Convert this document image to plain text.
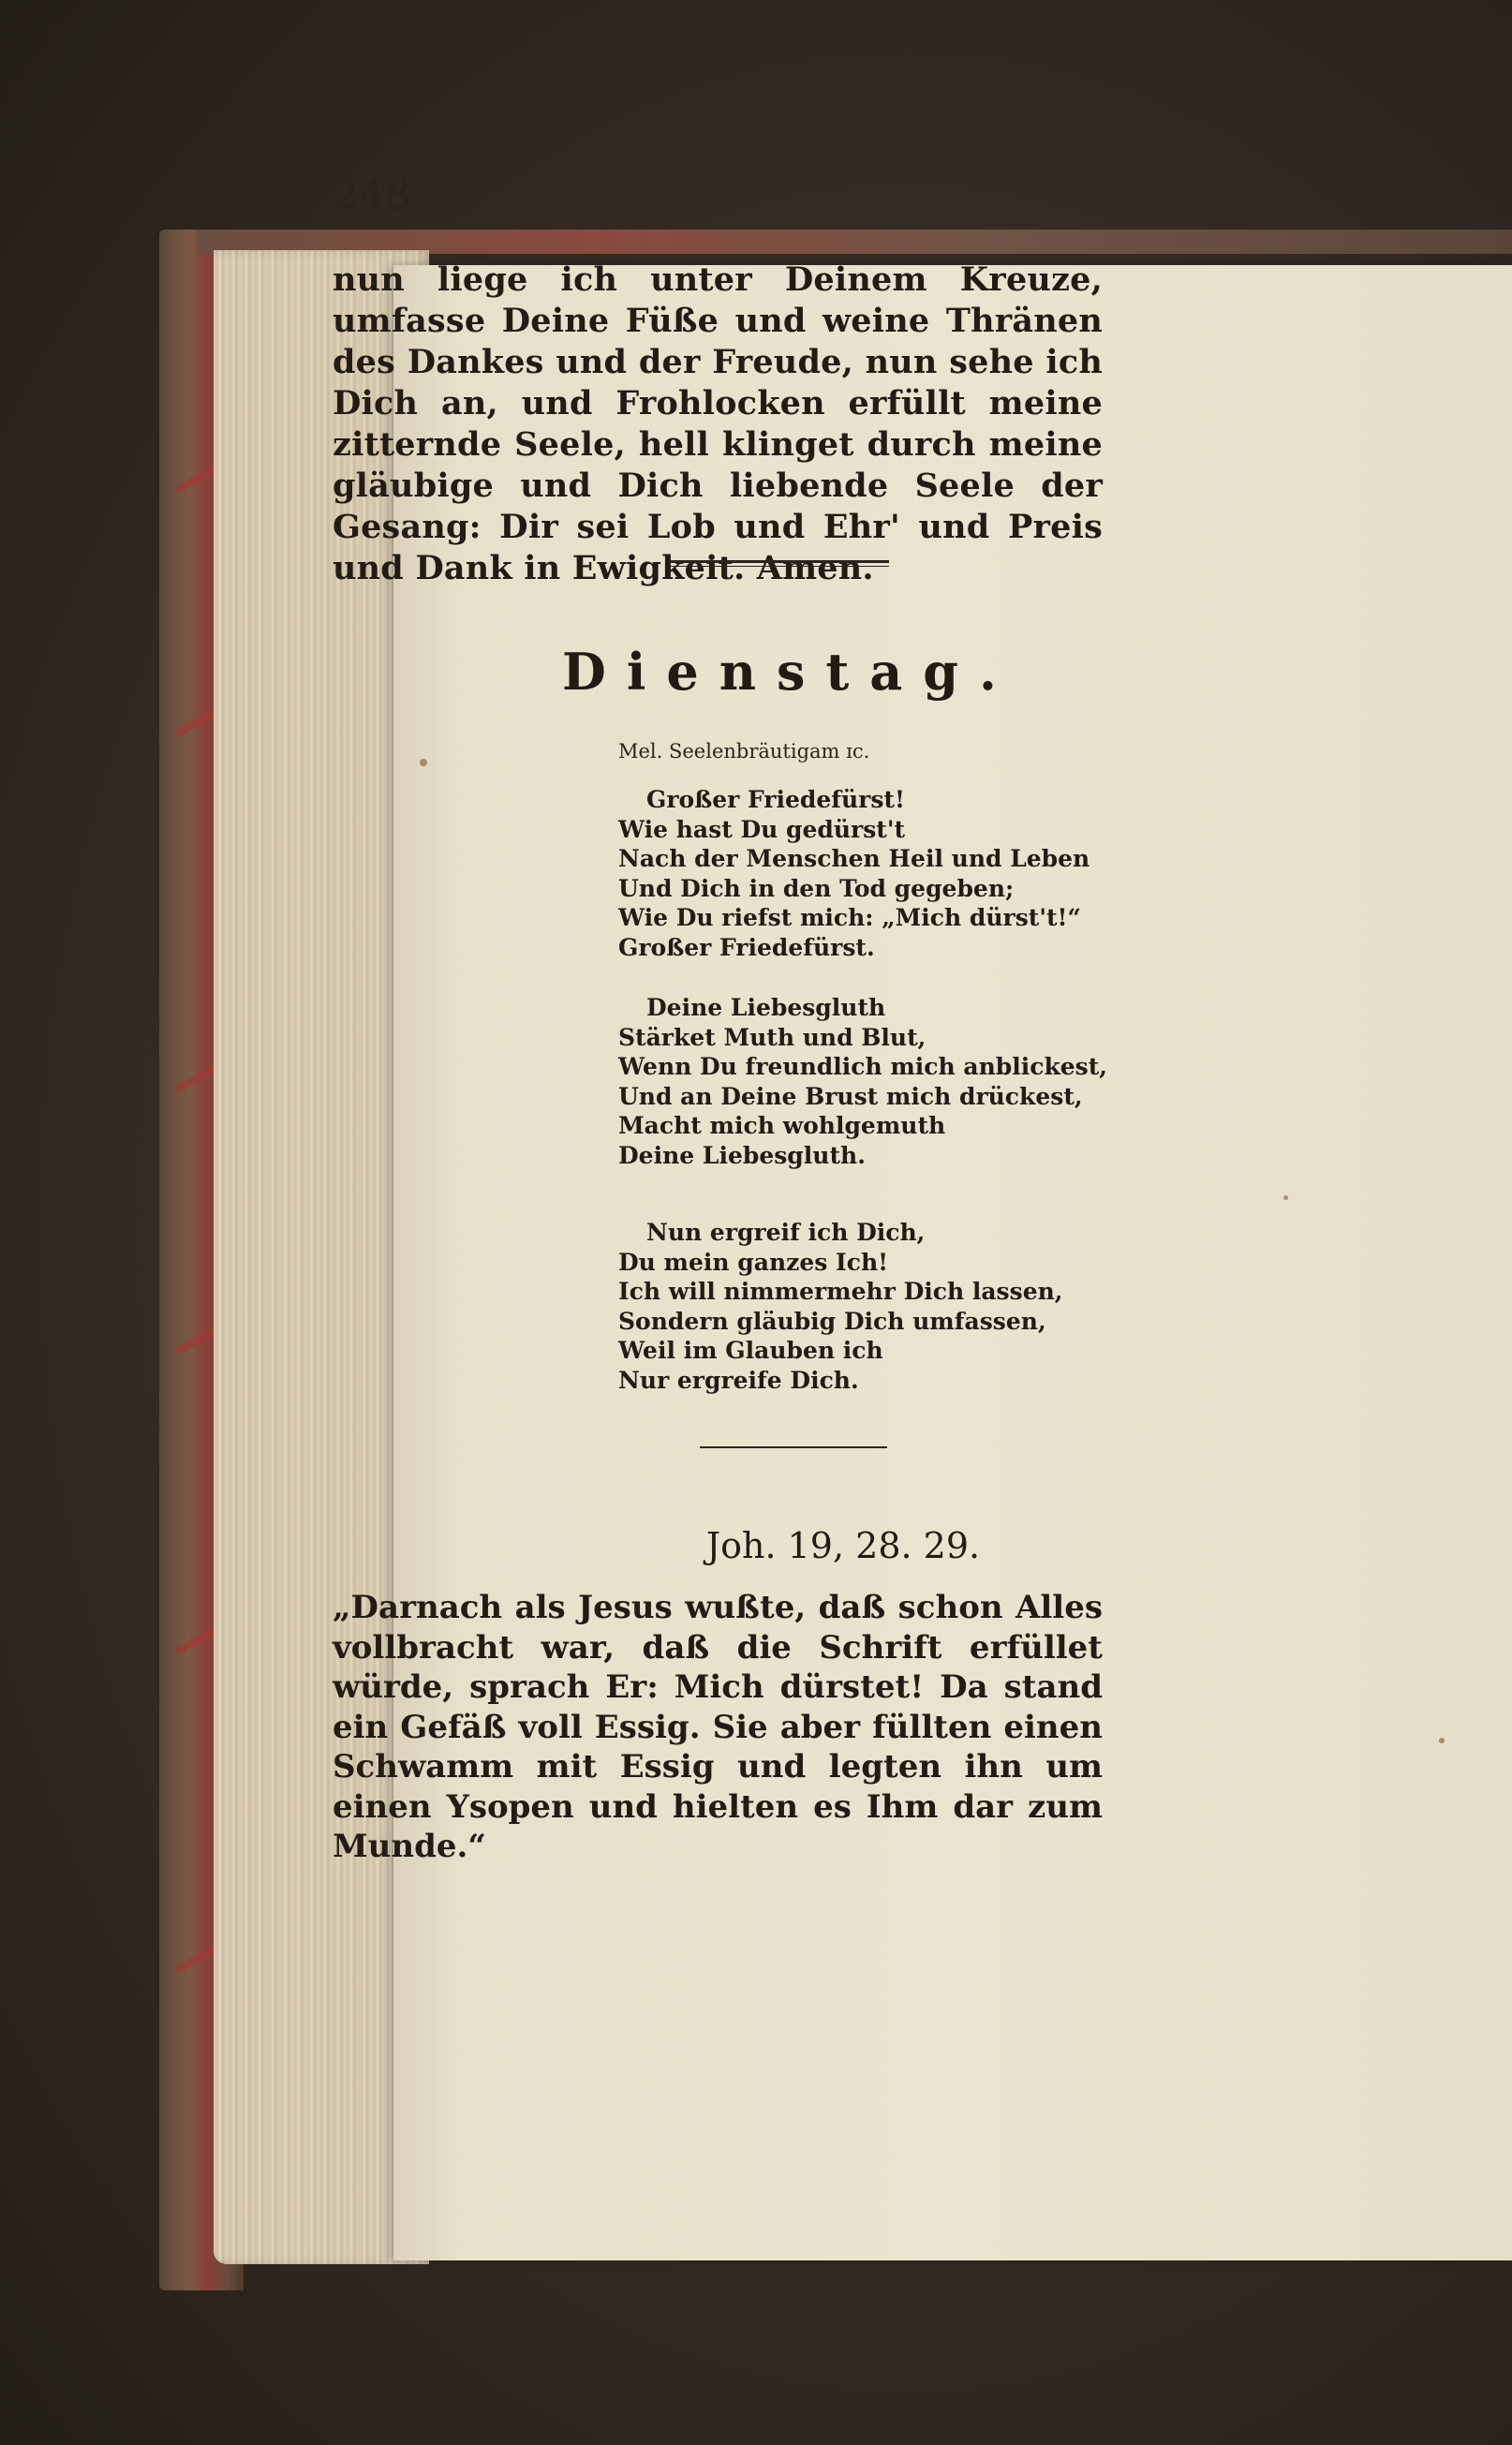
248
nun liege ich unter Deinem Kreuze, umfasse Deine Füße und weine Thränen des Dankes und der Freude, nun sehe ich Dich an, und Frohlocken erfüllt meine zitternde Seele, hell klinget durch meine gläubige und Dich liebende Seele der Gesang: Dir sei Lob und Ehr' und Preis und Dank in Ewigkeit. Amen.
Dienstag.
Mel. Seelenbräutigam ɪc.
Großer Friedefürst!
Wie hast Du gedürst't
Nach der Menschen Heil und Leben
Und Dich in den Tod gegeben;
Wie Du riefst mich: „Mich dürst't!“
Großer Friedefürst.
Deine Liebesgluth
Stärket Muth und Blut,
Wenn Du freundlich mich anblickest,
Und an Deine Brust mich drückest,
Macht mich wohlgemuth
Deine Liebesgluth.
Nun ergreif ich Dich,
Du mein ganzes Ich!
Ich will nimmermehr Dich lassen,
Sondern gläubig Dich umfassen,
Weil im Glauben ich
Nur ergreife Dich.
Joh. 19, 28. 29.
„Darnach als Jesus wußte, daß schon Alles vollbracht war, daß die Schrift erfüllet würde, sprach Er: Mich dürstet! Da stand ein Gefäß voll Essig. Sie aber füllten einen Schwamm mit Essig und legten ihn um einen Ysopen und hielten es Ihm dar zum Munde.“
